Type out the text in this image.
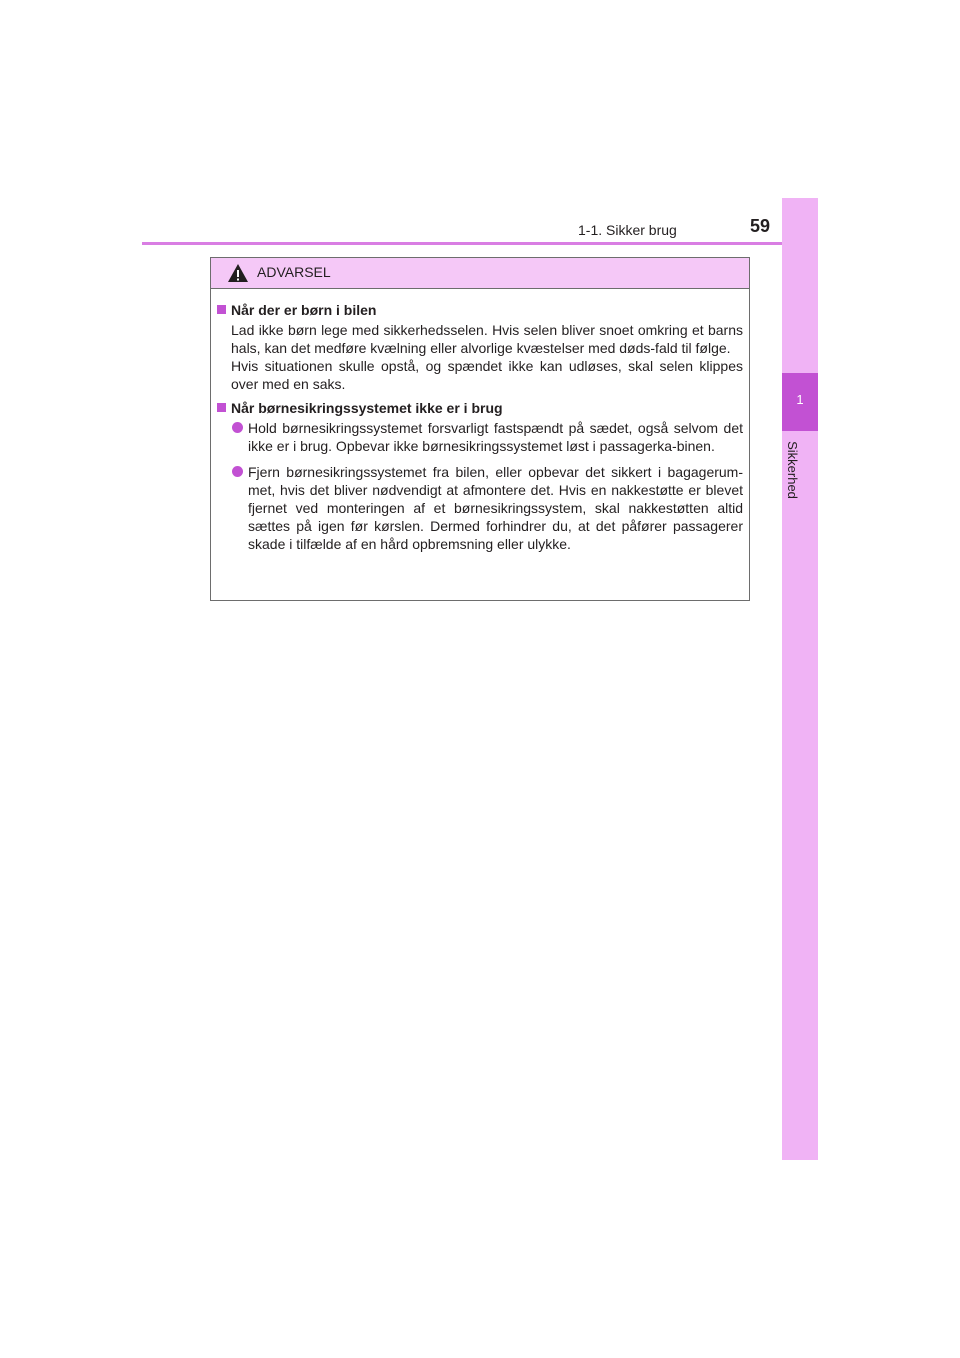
1-1. Sikker brug	59
1
Sikkerhed
ADVARSEL
Når der er børn i bilen
Lad ikke børn lege med sikkerhedsselen. Hvis selen bliver snoet omkring et barns hals, kan det medføre kvælning eller alvorlige kvæstelser med døds-fald til følge.
Hvis situationen skulle opstå, og spændet ikke kan udløses, skal selen klippes over med en saks.
Når børnesikringssystemet ikke er i brug
Hold børnesikringssystemet forsvarligt fastspændt på sædet, også selvom det ikke er i brug. Opbevar ikke børnesikringssystemet løst i passagerka-binen.
Fjern børnesikringssystemet fra bilen, eller opbevar det sikkert i bagagerum-met, hvis det bliver nødvendigt at afmontere det. Hvis en nakkestøtte er blevet fjernet ved monteringen af et børnesikringssystem, skal nakkestøtten altid sættes på igen før kørslen. Dermed forhindrer du, at det påfører passagerer skade i tilfælde af en hård opbremsning eller ulykke.
